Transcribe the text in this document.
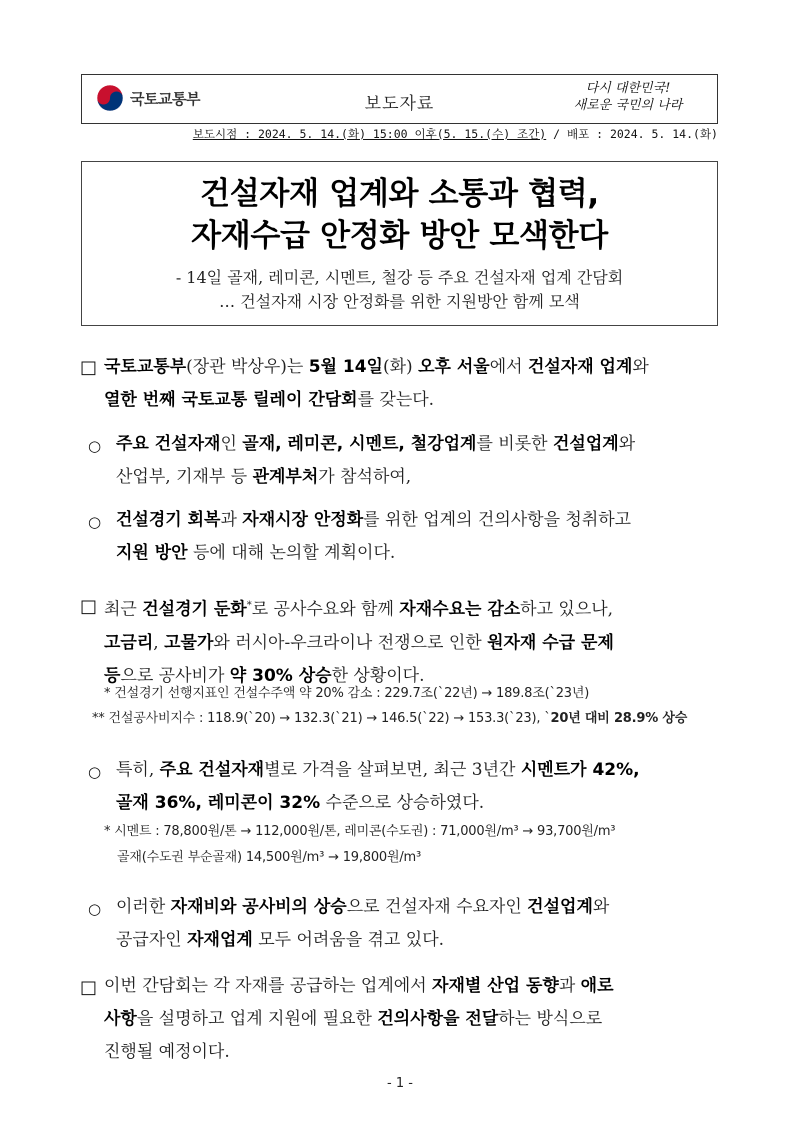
국토교통부	보도자료
다시 대한민국!
새로운 국민의 나라
보도시점 : 2024. 5. 14.(화) 15:00 이후(5. 15.(수) 조간) / 배포 : 2024. 5. 14.(화)
건설자재 업계와 소통과 협력,
자재수급 안정화 방안 모색한다
- 14일 골재, 레미콘, 시멘트, 철강 등 주요 건설자재 업계 간담회
… 건설자재 시장 안정화를 위한 지원방안 함께 모색
□ 국토교통부(장관 박상우)는 5월 14일(화) 오후 서울에서 건설자재 업계와
열한 번째 국토교통 릴레이 간담회를 갖는다.
○ 주요 건설자재인 골재, 레미콘, 시멘트, 철강업계를 비롯한 건설업계와
산업부, 기재부 등 관계부처가 참석하여,
○ 건설경기 회복과 자재시장 안정화를 위한 업계의 건의사항을 청취하고
지원 방안 등에 대해 논의할 계획이다.
□ 최근 건설경기 둔화*로 공사수요와 함께 자재수요는 감소하고 있으나,
고금리, 고물가와 러시아-우크라이나 전쟁으로 인한 원자재 수급 문제
등으로 공사비가 약 30% 상승한 상황이다.
* 건설경기 선행지표인 건설수주액 약 20% 감소 : 229.7조(`22년) → 189.8조(`23년)
** 건설공사비지수 : 118.9(`20) → 132.3(`21) → 146.5(`22) → 153.3(`23), `20년 대비 28.9% 상승
○ 특히, 주요 건설자재별로 가격을 살펴보면, 최근 3년간 시멘트가 42%,
골재 36%, 레미콘이 32% 수준으로 상승하였다.
* 시멘트 : 78,800원/톤 → 112,000원/톤, 레미콘(수도권) : 71,000원/m³ → 93,700원/m³
골재(수도권 부순골재) 14,500원/m³ → 19,800원/m³
○ 이러한 자재비와 공사비의 상승으로 건설자재 수요자인 건설업계와
공급자인 자재업계 모두 어려움을 겪고 있다.
□ 이번 간담회는 각 자재를 공급하는 업계에서 자재별 산업 동향과 애로
사항을 설명하고 업계 지원에 필요한 건의사항을 전달하는 방식으로
진행될 예정이다.
- 1 -
